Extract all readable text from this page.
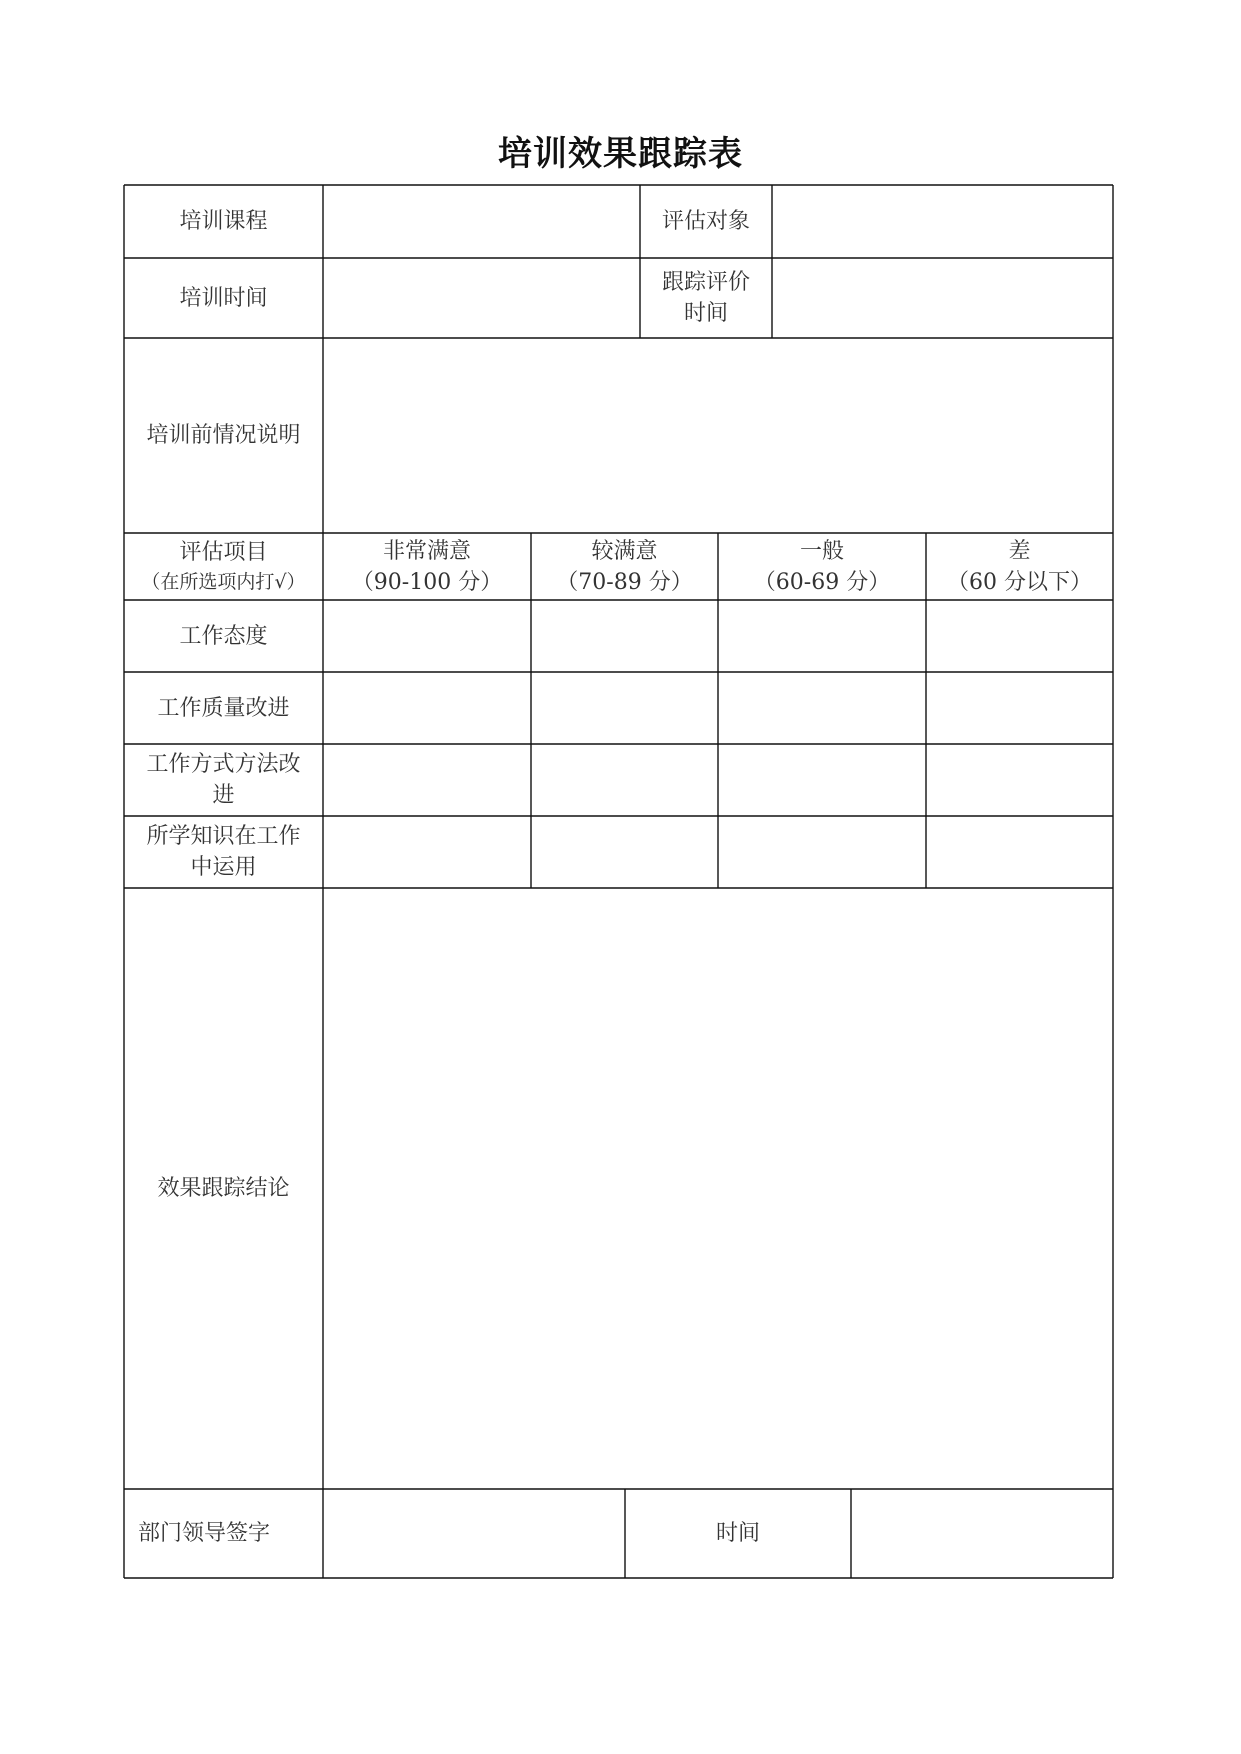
培训效果跟踪表
培训课程	评估对象
培训时间
跟踪评价
时间
培训前情况说明
评估项目
（在所选项内打√）
非常满意
（90-100 分）
较满意
（70-89 分）
一般
（60-69 分）
差
（60 分以下）
工作态度
工作质量改进
工作方式方法改
进
所学知识在工作
中运用
效果跟踪结论
部门领导签字	时间
